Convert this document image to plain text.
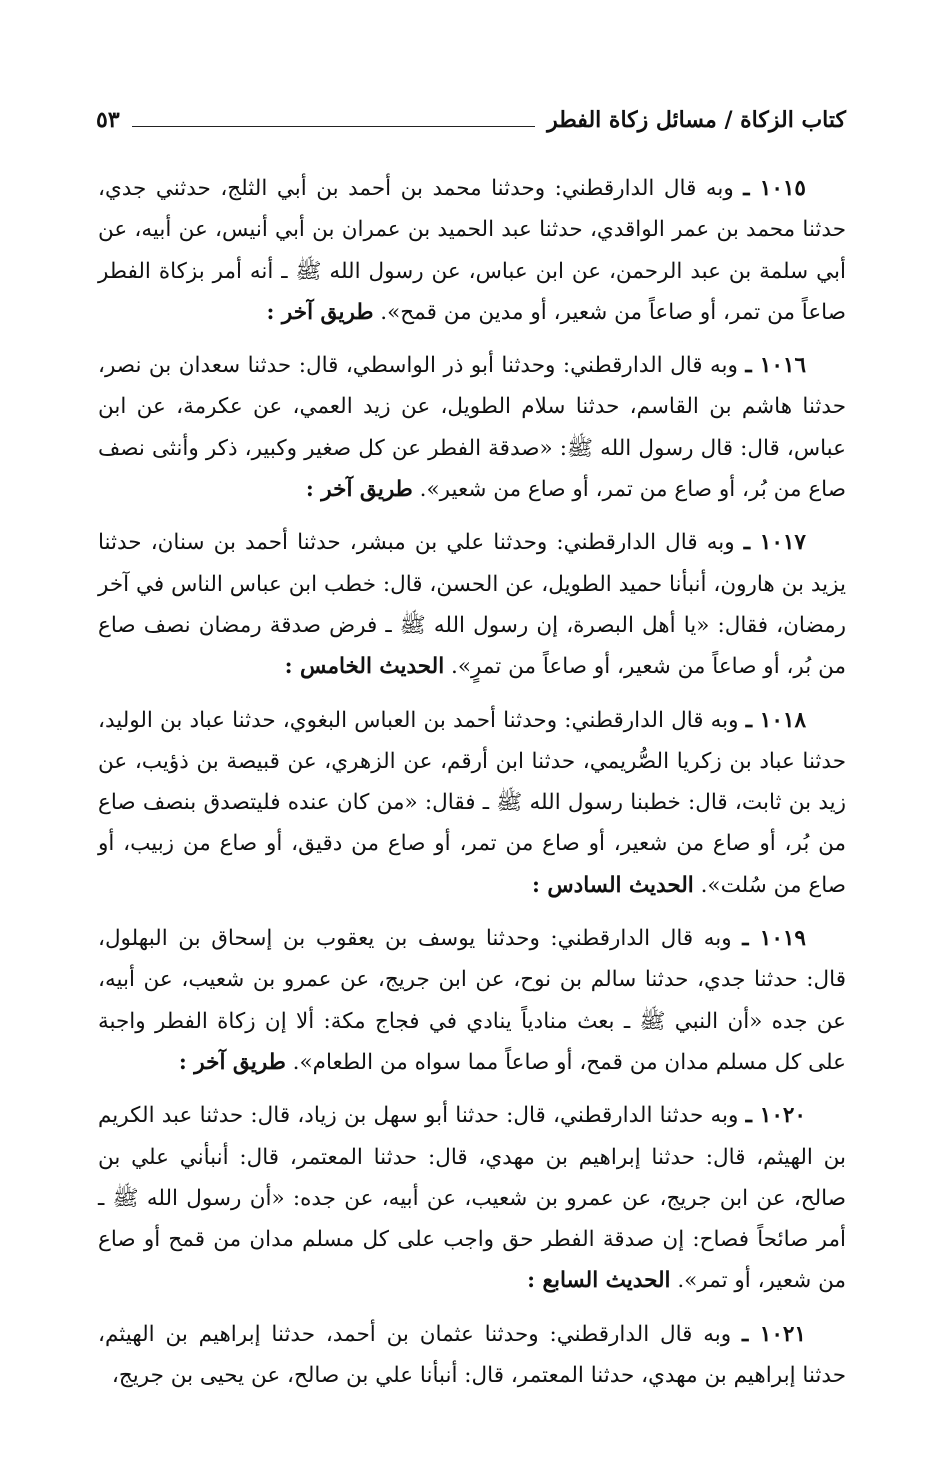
كتاب الزكاة / مسائل زكاة الفطر
٥٣

١٠١٥ ـ وبه قال الدارقطني: وحدثنا محمد بن أحمد بن أبي الثلج، حدثني جدي، حدثنا محمد بن عمر الواقدي، حدثنا عبد الحميد بن عمران بن أبي أنيس، عن أبيه، عن أبي سلمة بن عبد الرحمن، عن ابن عباس، عن رسول الله ﷺ ـ أنه أمر بزكاة الفطر صاعاً من تمر، أو صاعاً من شعير، أو مدين من قمح». طريق آخر :

١٠١٦ ـ وبه قال الدارقطني: وحدثنا أبو ذر الواسطي، قال: حدثنا سعدان بن نصر، حدثنا هاشم بن القاسم، حدثنا سلام الطويل، عن زيد العمي، عن عكرمة، عن ابن عباس، قال: قال رسول الله ﷺ: «صدقة الفطر عن كل صغير وكبير، ذكر وأنثى نصف صاع من بُر، أو صاع من تمر، أو صاع من شعير». طريق آخر :

١٠١٧ ـ وبه قال الدارقطني: وحدثنا علي بن مبشر، حدثنا أحمد بن سنان، حدثنا يزيد بن هارون، أنبأنا حميد الطويل، عن الحسن، قال: خطب ابن عباس الناس في آخر رمضان، فقال: «يا أهل البصرة، إن رسول الله ﷺ ـ فرض صدقة رمضان نصف صاع من بُر، أو صاعاً من شعير، أو صاعاً من تمرٍ». الحديث الخامس :

١٠١٨ ـ وبه قال الدارقطني: وحدثنا أحمد بن العباس البغوي، حدثنا عباد بن الوليد، حدثنا عباد بن زكريا الصُّريمي، حدثنا ابن أرقم، عن الزهري، عن قبيصة بن ذؤيب، عن زيد بن ثابت، قال: خطبنا رسول الله ﷺ ـ فقال: «من كان عنده فليتصدق بنصف صاع من بُر، أو صاع من شعير، أو صاع من تمر، أو صاع من دقيق، أو صاع من زبيب، أو صاع من سُلت». الحديث السادس :

١٠١٩ ـ وبه قال الدارقطني: وحدثنا يوسف بن يعقوب بن إسحاق بن البهلول، قال: حدثنا جدي، حدثنا سالم بن نوح، عن ابن جريج، عن عمرو بن شعيب، عن أبيه، عن جده «أن النبي ﷺ ـ بعث منادياً ينادي في فجاج مكة: ألا إن زكاة الفطر واجبة على كل مسلم مدان من قمح، أو صاعاً مما سواه من الطعام». طريق آخر :

١٠٢٠ ـ وبه حدثنا الدارقطني، قال: حدثنا أبو سهل بن زياد، قال: حدثنا عبد الكريم بن الهيثم، قال: حدثنا إبراهيم بن مهدي، قال: حدثنا المعتمر، قال: أنبأني علي بن صالح، عن ابن جريج، عن عمرو بن شعيب، عن أبيه، عن جده: «أن رسول الله ﷺ ـ أمر صائحاً فصاح: إن صدقة الفطر حق واجب على كل مسلم مدان من قمح أو صاع من شعير، أو تمر». الحديث السابع :

١٠٢١ ـ وبه قال الدارقطني: وحدثنا عثمان بن أحمد، حدثنا إبراهيم بن الهيثم، حدثنا إبراهيم بن مهدي، حدثنا المعتمر، قال: أنبأنا علي بن صالح، عن يحيى بن جريج،
